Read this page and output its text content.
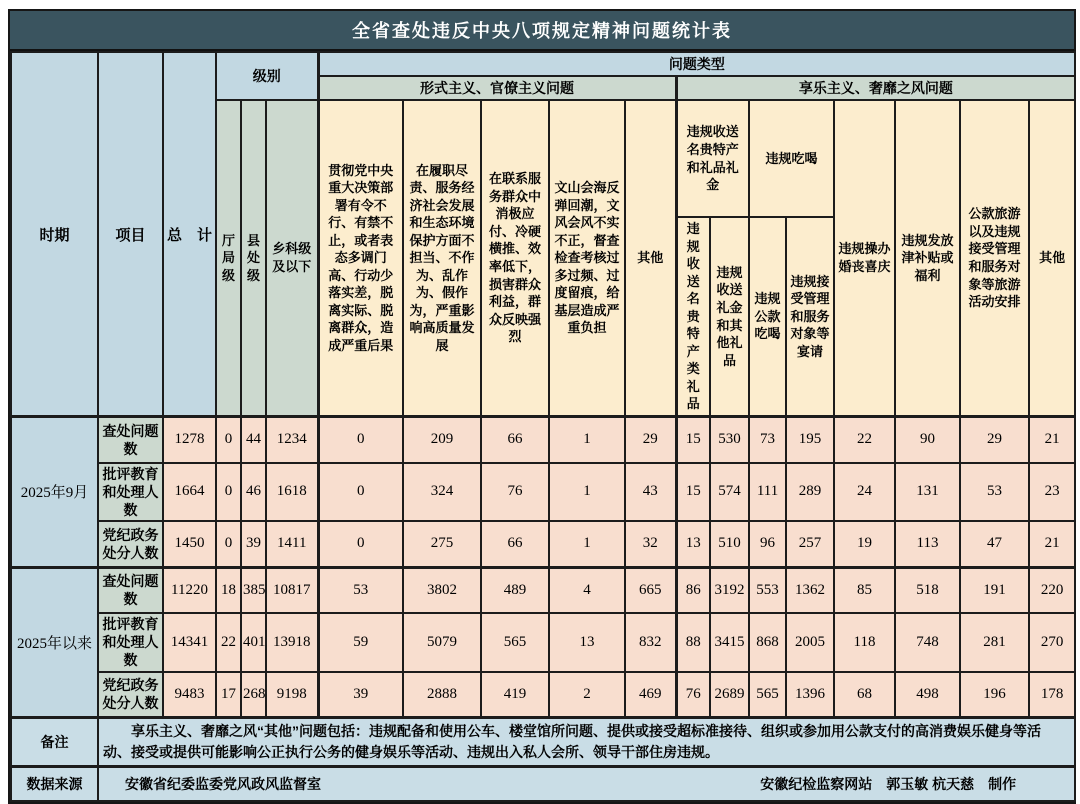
全省查处违反中央八项规定精神问题统计表
时期	项目	总　计	级别			问题类型												
						形式主义、官僚主义问题					享乐主义、奢靡之风问题							
			厅局级	县处级	乡科级及以下	贯彻党中央重大决策部署有令不行、有禁不止，或者表态多调门高、行动少落实差，脱离实际、脱离群众，造成严重后果	在履职尽责、服务经济社会发展和生态环境保护方面不担当、不作为、乱作为、假作为，严重影响高质量发展	在联系服务群众中消极应付、冷硬横推、效率低下，损害群众利益，群众反映强烈	文山会海反弹回潮，文风会风不实不正，督查检查考核过多过频、过度留痕，给基层造成严重负担	其他	违规收送名贵特产和礼品礼金		违规吃喝		违规操办婚丧喜庆	违规发放津补贴或福利	公款旅游以及违规接受管理和服务对象等旅游活动安排	其他
											违规收送名贵特产类礼品	违规收送礼金和其他礼品	违规公款吃喝	违规接受管理和服务对象等宴请				
2025年9月	查处问题数	1278	0	44	1234	0	209	66	1	29	15	530	73	195	22	90	29	21
	批评教育和处理人数	1664	0	46	1618	0	324	76	1	43	15	574	111	289	24	131	53	23
	党纪政务处分人数	1450	0	39	1411	0	275	66	1	32	13	510	96	257	19	113	47	21
2025年以来	查处问题数	11220	18	385	10817	53	3802	489	4	665	86	3192	553	1362	85	518	191	220
	批评教育和处理人数	14341	22	401	13918	59	5079	565	13	832	88	3415	868	2005	118	748	281	270
	党纪政务处分人数	9483	17	268	9198	39	2888	419	2	469	76	2689	565	1396	68	498	196	178
备注	享乐主义、奢靡之风“其他”问题包括：违规配备和使用公车、楼堂馆所问题、提供或接受超标准接待、组织或参加用公款支付的高消费娱乐健身等活动、接受或提供可能影响公正执行公务的健身娱乐等活动、违规出入私人会所、领导干部住房违规。																	

数据来源	安徽省纪委监委党风政风监督室 安徽纪检监察网站　郭玉敏 杭天慈　制作																	
